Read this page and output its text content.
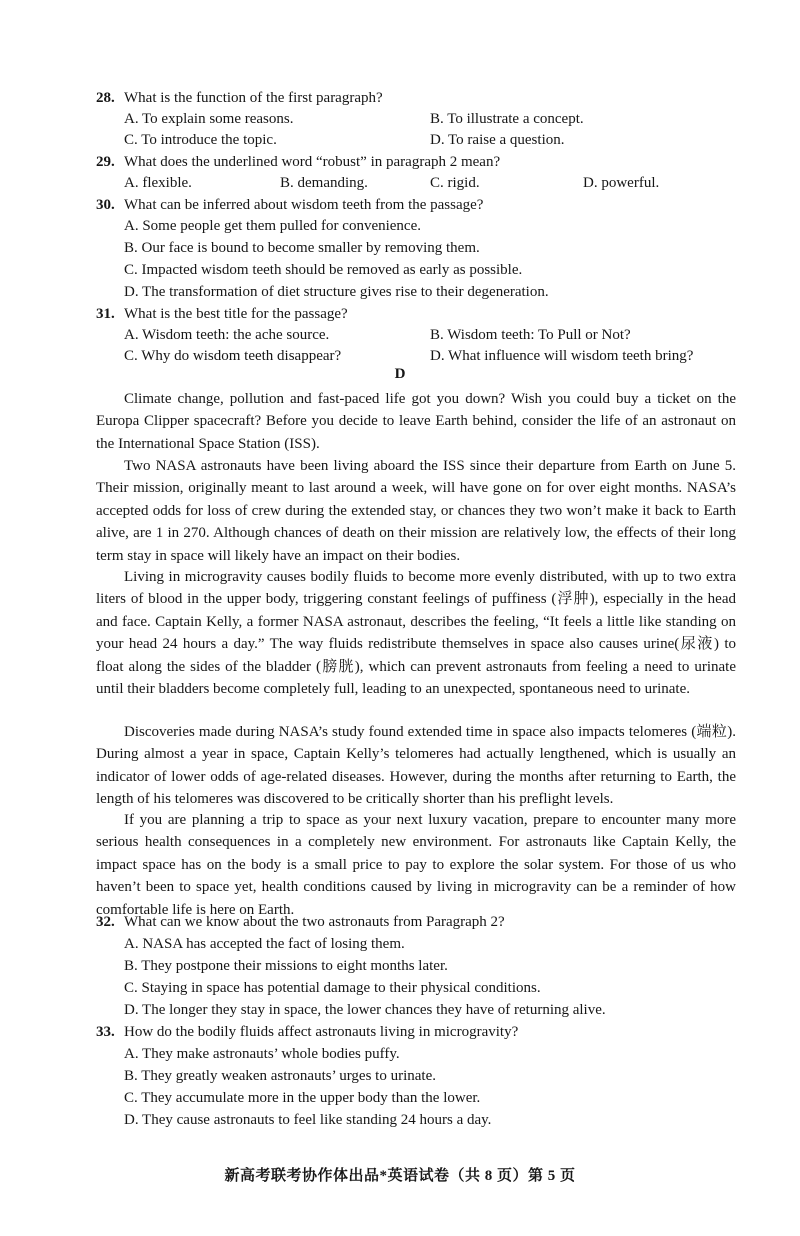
28. What is the function of the first paragraph?
A. To explain some reasons.	B. To illustrate a concept.
C. To introduce the topic.	D. To raise a question.
29. What does the underlined word “robust” in paragraph 2 mean?
A. flexible.	B. demanding.	C. rigid.	D. powerful.
30. What can be inferred about wisdom teeth from the passage?
A. Some people get them pulled for convenience.
B. Our face is bound to become smaller by removing them.
C. Impacted wisdom teeth should be removed as early as possible.
D. The transformation of diet structure gives rise to their degeneration.
31. What is the best title for the passage?
A. Wisdom teeth: the ache source.	B. Wisdom teeth: To Pull or Not?
C. Why do wisdom teeth disappear?	D. What influence will wisdom teeth bring?
D
Climate change, pollution and fast-paced life got you down? Wish you could buy a ticket on the Europa Clipper spacecraft? Before you decide to leave Earth behind, consider the life of an astronaut on the International Space Station (ISS).
Two NASA astronauts have been living aboard the ISS since their departure from Earth on June 5. Their mission, originally meant to last around a week, will have gone on for over eight months. NASA’s accepted odds for loss of crew during the extended stay, or chances they two won’t make it back to Earth alive, are 1 in 270. Although chances of death on their mission are relatively low, the effects of their long term stay in space will likely have an impact on their bodies.
Living in microgravity causes bodily fluids to become more evenly distributed, with up to two extra liters of blood in the upper body, triggering constant feelings of puffiness (浮肿), especially in the head and face. Captain Kelly, a former NASA astronaut, describes the feeling, “It feels a little like standing on your head 24 hours a day.” The way fluids redistribute themselves in space also causes urine(尿液) to float along the sides of the bladder (膀胱), which can prevent astronauts from feeling a need to urinate until their bladders become completely full, leading to an unexpected, spontaneous need to urinate.
Discoveries made during NASA’s study found extended time in space also impacts telomeres (端粒). During almost a year in space, Captain Kelly’s telomeres had actually lengthened, which is usually an indicator of lower odds of age-related diseases. However, during the months after returning to Earth, the length of his telomeres was discovered to be critically shorter than his preflight levels.
If you are planning a trip to space as your next luxury vacation, prepare to encounter many more serious health consequences in a completely new environment. For astronauts like Captain Kelly, the impact space has on the body is a small price to pay to explore the solar system. For those of us who haven’t been to space yet, health conditions caused by living in microgravity can be a reminder of how comfortable life is here on Earth.
32. What can we know about the two astronauts from Paragraph 2?
A. NASA has accepted the fact of losing them.
B. They postpone their missions to eight months later.
C. Staying in space has potential damage to their physical conditions.
D. The longer they stay in space, the lower chances they have of returning alive.
33. How do the bodily fluids affect astronauts living in microgravity?
A. They make astronauts’ whole bodies puffy.
B. They greatly weaken astronauts’ urges to urinate.
C. They accumulate more in the upper body than the lower.
D. They cause astronauts to feel like standing 24 hours a day.
新高考联考协作体出品*英语试卷（共 8 页）第 5 页
